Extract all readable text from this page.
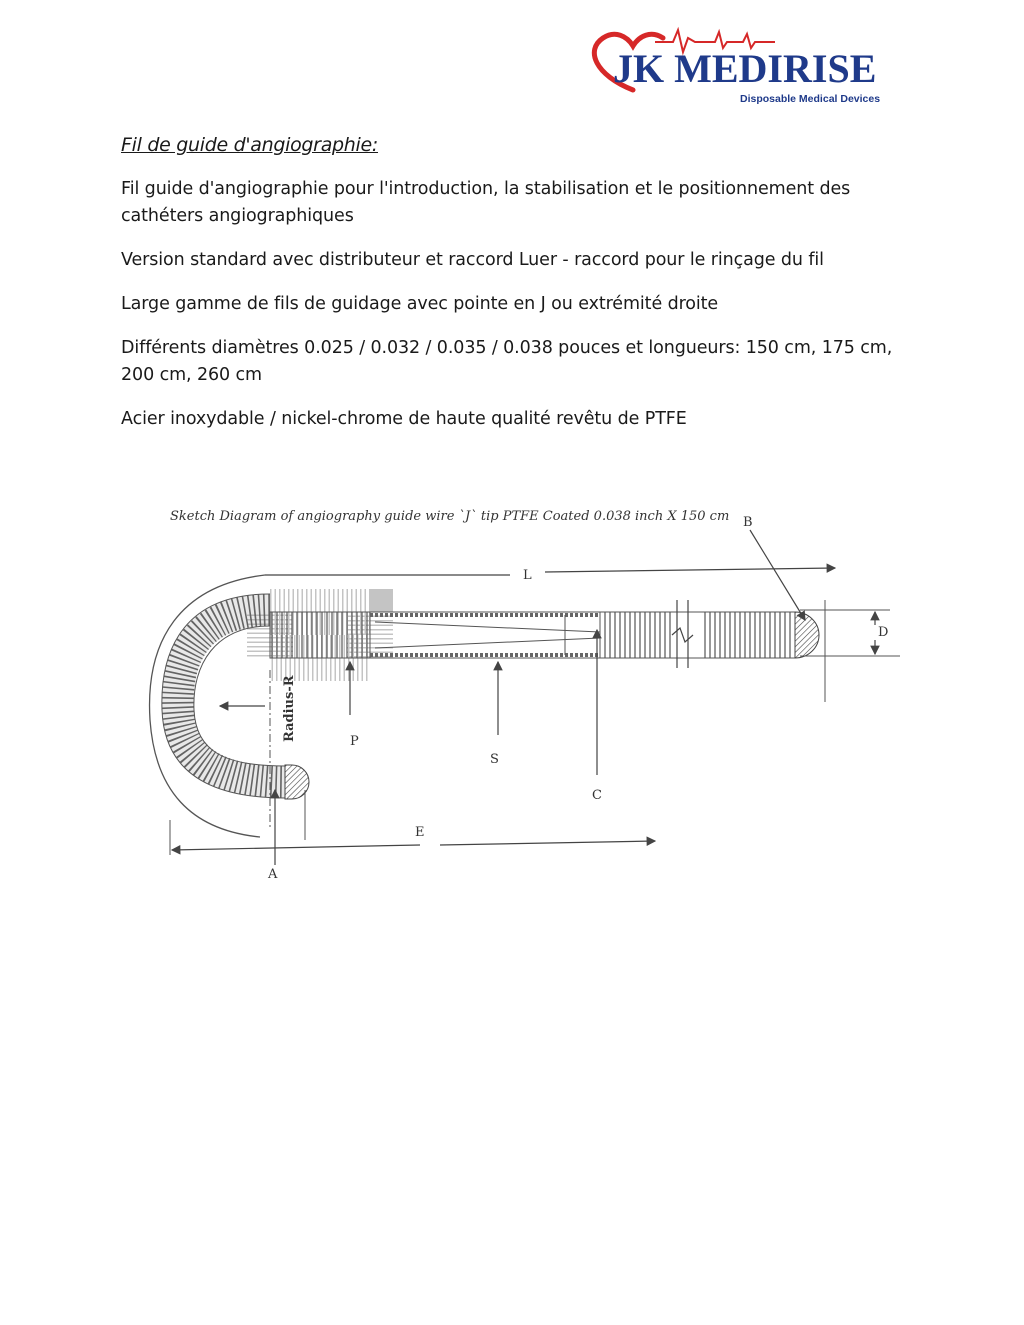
JK MEDIRISE
Disposable Medical Devices
Fil de guide d'angiographie:

Fil guide d'angiographie pour l'introduction, la stabilisation et le positionnement des cathéters angiographiques

Version standard avec distributeur et raccord Luer - raccord pour le rinçage du fil

Large gamme de fils de guidage avec pointe en J ou extrémité droite

Différents diamètres 0.025 / 0.032 / 0.035 / 0.038 pouces et longueurs: 150 cm, 175 cm, 200 cm, 260 cm

Acier inoxydable / nickel-chrome de haute qualité revêtu de PTFE

Sketch Diagram of angiography guide wire `J` tip PTFE Coated 0.038 inch X 150 cm
L
B
D
P
S
C
Radius-R
A
E
